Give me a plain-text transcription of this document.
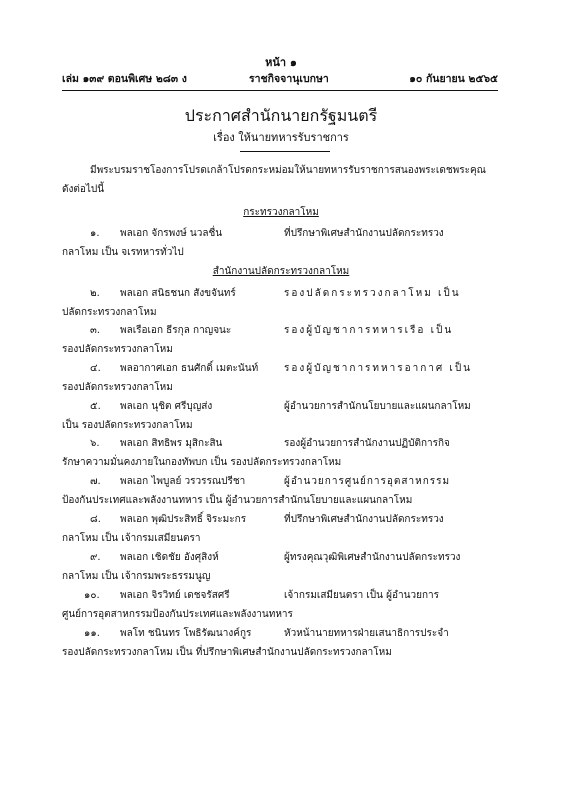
หน้า ๑
เล่ม ๑๓๙ ตอนพิเศษ ๒๘๓ ง	ราชกิจจานุเบกษา	๑๐ กันยายน ๒๕๖๕
ประกาศสำนักนายกรัฐมนตรี
เรื่อง ให้นายทหารรับราชการ
มีพระบรมราชโองการโปรดเกล้าโปรดกระหม่อมให้นายทหารรับราชการสนองพระเดชพระคุณ
ดังต่อไปนี้
กระทรวงกลาโหม
๑. พลเอก จักรพงษ์ นวลชื่น	ที่ปรึกษาพิเศษสำนักงานปลัดกระทรวง
กลาโหม เป็น จเรทหารทั่วไป
สำนักงานปลัดกระทรวงกลาโหม
๒. พลเอก สนิธชนก สังขจันทร์	รองปลัดกระทรวงกลาโหม เป็น
ปลัดกระทรวงกลาโหม
๓. พลเรือเอก ธีรกุล กาญจนะ	รองผู้บัญชาการทหารเรือ เป็น
รองปลัดกระทรวงกลาโหม
๔. พลอากาศเอก ธนศักดิ์ เมตะนันท์	รองผู้บัญชาการทหารอากาศ เป็น
รองปลัดกระทรวงกลาโหม
๕. พลเอก นุชิต ศรีบุญส่ง	ผู้อำนวยการสำนักนโยบายและแผนกลาโหม
เป็น รองปลัดกระทรวงกลาโหม
๖. พลเอก สิทธิพร มุสิกะสิน	รองผู้อำนวยการสำนักงานปฏิบัติการกิจ
รักษาความมั่นคงภายในกองทัพบก เป็น รองปลัดกระทรวงกลาโหม
๗. พลเอก ไพบูลย์ วรวรรณปรีชา	ผู้อำนวยการศูนย์การอุตสาหกรรม
ป้องกันประเทศและพลังงานทหาร เป็น ผู้อำนวยการสำนักนโยบายและแผนกลาโหม
๘. พลเอก พุฒิประสิทธิ์ จิระมะกร	ที่ปรึกษาพิเศษสำนักงานปลัดกระทรวง
กลาโหม เป็น เจ้ากรมเสมียนตรา
๙. พลเอก เชิดชัย อังศุสิงห์	ผู้ทรงคุณวุฒิพิเศษสำนักงานปลัดกระทรวง
กลาโหม เป็น เจ้ากรมพระธรรมนูญ
๑๐. พลเอก จิรวิทย์ เดชจรัสศรี	เจ้ากรมเสมียนตรา เป็น ผู้อำนวยการ
ศูนย์การอุตสาหกรรมป้องกันประเทศและพลังงานทหาร
๑๑. พลโท ชนินทร โพธิรัฒนางค์กูร	หัวหน้านายทหารฝ่ายเสนาธิการประจำ
รองปลัดกระทรวงกลาโหม เป็น ที่ปรึกษาพิเศษสำนักงานปลัดกระทรวงกลาโหม
